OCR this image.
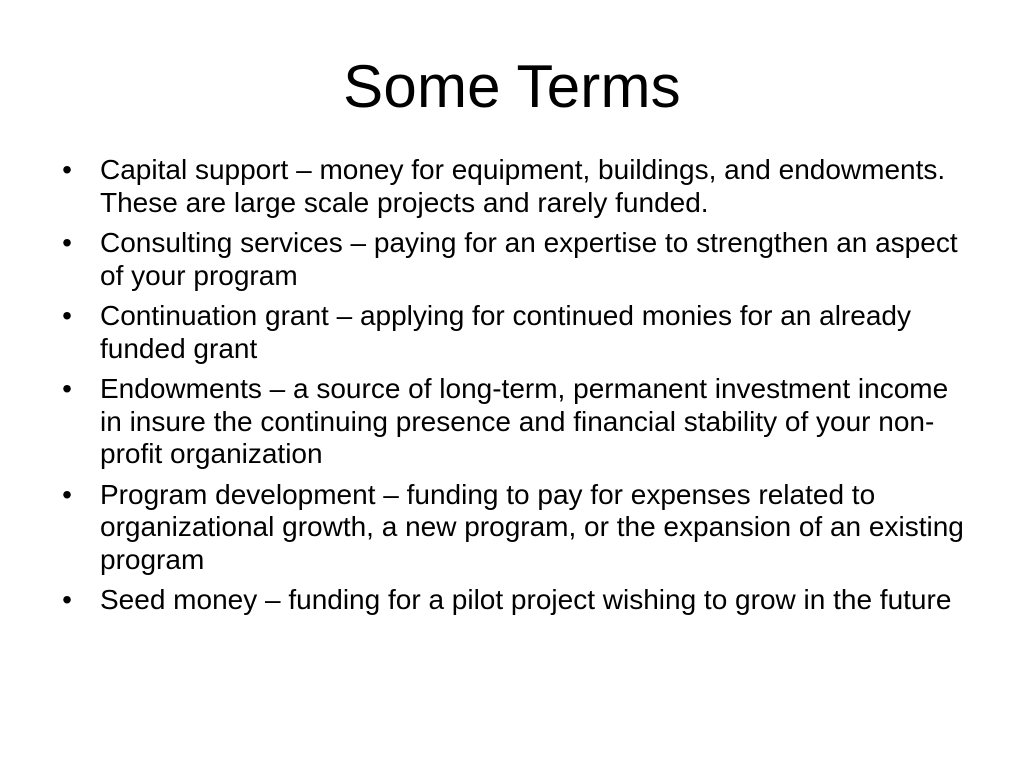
Some Terms
• Capital support – money for equipment, buildings, and endowments. These are large scale projects and rarely funded.
• Consulting services – paying for an expertise to strengthen an aspect of your program
• Continuation grant – applying for continued monies for an already funded grant
• Endowments – a source of long-term, permanent investment income in insure the continuing presence and financial stability of your non-profit organization
• Program development – funding to pay for expenses related to organizational growth, a new program, or the expansion of an existing program
• Seed money – funding for a pilot project wishing to grow in the future
